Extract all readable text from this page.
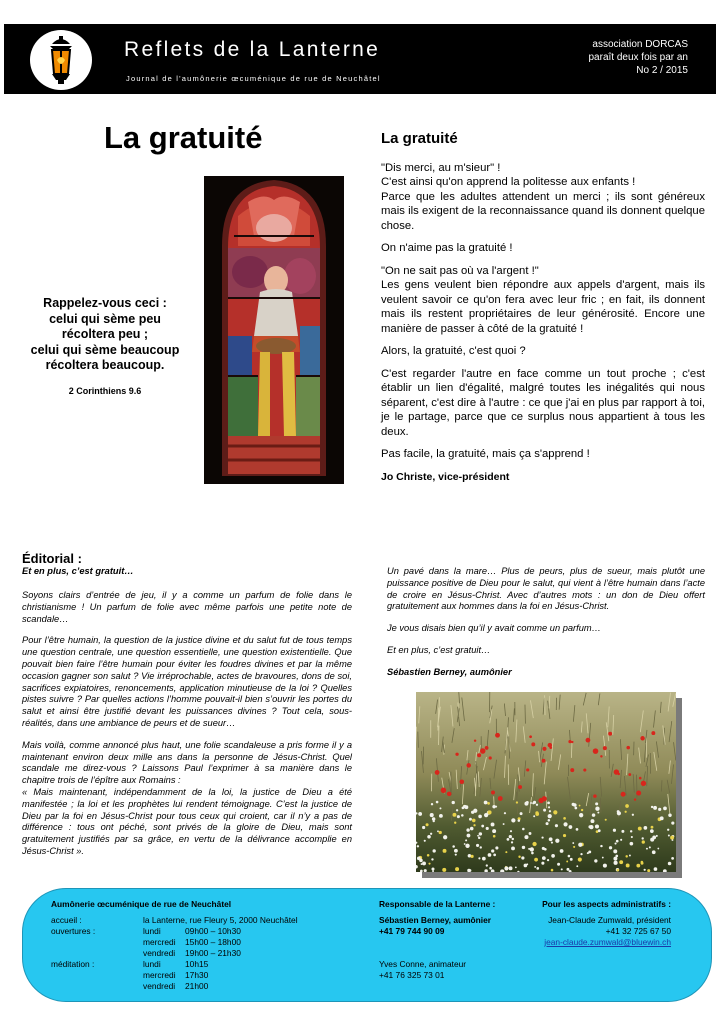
Reflets de la Lanterne
Journal de l'aumônerie œcuménique de rue de Neuchâtel
association DORCAS
paraît deux fois par an
No 2 / 2015
La gratuité
Rappelez-vous ceci :
celui qui sème peu
récoltera peu ;
celui qui sème beaucoup
récoltera beaucoup.
2 Corinthiens 9.6
La gratuité

"Dis merci, au m'sieur" !
C'est ainsi qu'on apprend la politesse aux enfants !
Parce que les adultes attendent un merci ; ils sont généreux mais ils exigent de la reconnaissance quand ils donnent quelque chose.

On n'aime pas la gratuité !

"On ne sait pas où va l'argent !"
Les gens veulent bien répondre aux appels d'argent, mais ils veulent savoir ce qu'on fera avec leur fric ; en fait, ils donnent mais ils restent propriétaires de leur générosité. Encore une manière de passer à côté de la gratuité !

Alors, la gratuité, c'est quoi ?

C'est regarder l'autre en face comme un tout proche ; c'est établir un lien d'égalité, malgré toutes les inégalités qui nous séparent, c'est dire à l'autre : ce que j'ai en plus par rapport à toi, je le partage, parce que ce surplus nous appartient à tous les deux.

Pas facile, la gratuité, mais ça s'apprend !

Jo Christe, vice-président

Éditorial :
Et en plus, c’est gratuit…

Soyons clairs d’entrée de jeu, il y a comme un parfum de folie dans le christianisme ! Un parfum de folie avec même parfois une petite note de scandale…

Pour l’être humain, la question de la justice divine et du salut fut de tous temps une question centrale, une question essentielle, une question existentielle. Que pouvait bien faire l’être humain pour éviter les foudres divines et par la même occasion gagner son salut ? Vie irréprochable, actes de bravoures, dons de soi, sacrifices expiatoires, renoncements, application minutieuse de la loi ? Quelles pistes suivre ? Par quelles actions l’homme pouvait-il bien s’ouvrir les portes du salut et ainsi être justifié devant les puissances divines ? Tout cela, sous-réalités, dans une ambiance de peurs et de sueur…

Mais voilà, comme annoncé plus haut, une folie scandaleuse a pris forme il y a maintenant environ deux mille ans dans la personne de Jésus-Christ. Quel scandale me direz-vous ? Laissons Paul l’exprimer à sa manière dans le chapitre trois de l’épître aux Romains :
« Mais maintenant, indépendamment de la loi, la justice de Dieu a été manifestée ; la loi et les prophètes lui rendent témoignage. C’est la justice de Dieu par la foi en Jésus-Christ pour tous ceux qui croient, car il n’y a pas de différence : tous ont péché, sont privés de la gloire de Dieu, mais sont gratuitement justifiés par sa grâce, en vertu de la délivrance accomplie en Jésus-Christ ».

Un pavé dans la mare… Plus de peurs, plus de sueur, mais plutôt une puissance positive de Dieu pour le salut, qui vient à l’être humain dans l’acte de croire en Jésus-Christ. Avec d’autres mots : un don de Dieu offert gratuitement aux hommes dans la foi en Jésus-Christ.

Je vous disais bien qu’il y avait comme un parfum…

Et en plus, c’est gratuit…

Sébastien Berney, aumônier

Aumônerie œcuménique de rue de Neuchâtel
accueil :	la Lanterne, rue Fleury 5, 2000 Neuchâtel
ouvertures :	lundi	09h00 – 10h30
mercredi 15h00 – 18h00
vendredi 19h00 – 21h30
méditation :	lundi	10h15
mercredi 17h30
vendredi 21h00
Responsable de la Lanterne :
Sébastien Berney, aumônier
+41 79 744 90 09
Yves Conne, animateur
+41 76 325 73 01
Pour les aspects administratifs :
Jean-Claude Zumwald, président
+41 32 725 67 50
jean-claude.zumwald@bluewin.ch
